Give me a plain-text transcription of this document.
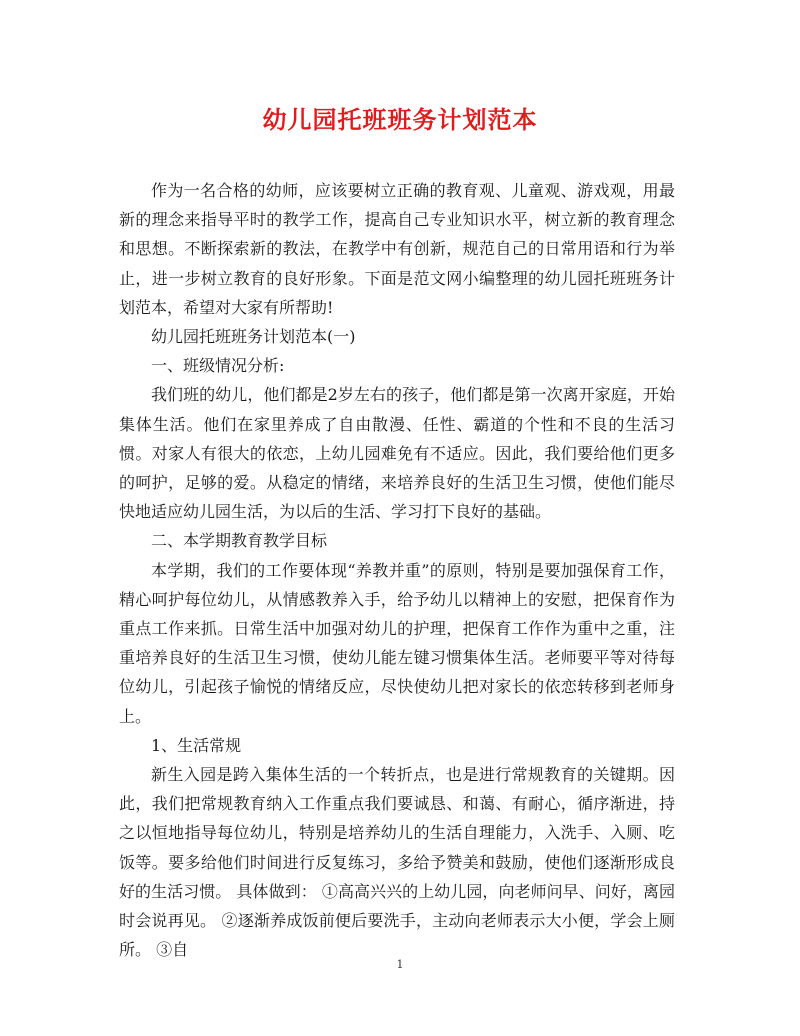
幼儿园托班班务计划范本

作为一名合格的幼师，应该要树立正确的教育观、儿童观、游戏观，用最新的理念来指导平时的教学工作，提高自己专业知识水平，树立新的教育理念和思想。不断探索新的教法，在教学中有创新，规范自己的日常用语和行为举止，进一步树立教育的良好形象。下面是范文网小编整理的幼儿园托班班务计划范本，希望对大家有所帮助!

幼儿园托班班务计划范本(一)

一、班级情况分析:

我们班的幼儿，他们都是2岁左右的孩子，他们都是第一次离开家庭，开始集体生活。他们在家里养成了自由散漫、任性、霸道的个性和不良的生活习惯。对家人有很大的依恋，上幼儿园难免有不适应。因此，我们要给他们更多的呵护，足够的爱。从稳定的情绪，来培养良好的生活卫生习惯，使他们能尽快地适应幼儿园生活，为以后的生活、学习打下良好的基础。

二、本学期教育教学目标

本学期，我们的工作要体现“养教并重”的原则，特别是要加强保育工作，精心呵护每位幼儿，从情感教养入手，给予幼儿以精神上的安慰，把保育作为重点工作来抓。日常生活中加强对幼儿的护理，把保育工作作为重中之重，注重培养良好的生活卫生习惯，使幼儿能左键习惯集体生活。老师要平等对待每位幼儿，引起孩子愉悦的情绪反应，尽快使幼儿把对家长的依恋转移到老师身上。

1、生活常规

新生入园是跨入集体生活的一个转折点，也是进行常规教育的关键期。因此，我们把常规教育纳入工作重点我们要诚恳、和蔼、有耐心，循序渐进，持之以恒地指导每位幼儿，特别是培养幼儿的生活自理能力，入洗手、入厕、吃饭等。要多给他们时间进行反复练习，多给予赞美和鼓励，使他们逐渐形成良好的生活习惯。 具体做到： ①高高兴兴的上幼儿园，向老师问早、问好，离园时会说再见。 ②逐渐养成饭前便后要洗手，主动向老师表示大小便，学会上厕所。 ③自

1
